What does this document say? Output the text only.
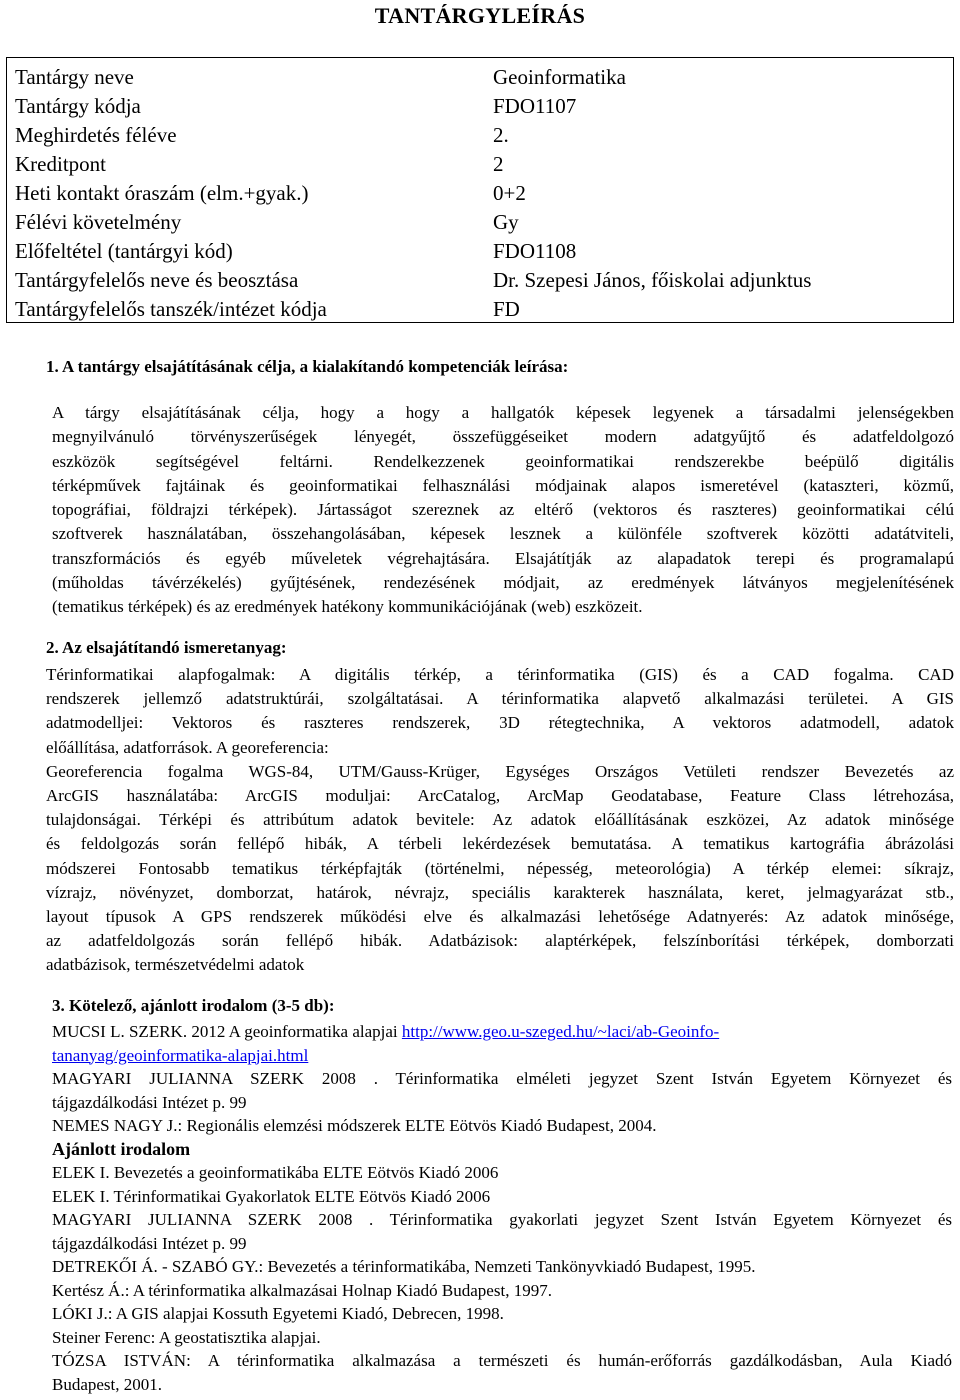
TANTÁRGYLEÍRÁS
Tantárgy neve	Geoinformatika
Tantárgy kódja	FDO1107
Meghirdetés féléve	2.
Kreditpont	2
Heti kontakt óraszám (elm.+gyak.)	0+2
Félévi követelmény	Gy
Előfeltétel (tantárgyi kód)	FDO1108
Tantárgyfelelős neve és beosztása	Dr. Szepesi János, főiskolai adjunktus
Tantárgyfelelős tanszék/intézet kódja	FD
1. A tantárgy elsajátításának célja, a kialakítandó kompetenciák leírása:
A tárgy elsajátításának célja, hogy a hogy a hallgatók képesek legyenek a társadalmi jelenségekben
megnyilvánuló törvényszerűségek lényegét, összefüggéseiket modern adatgyűjtő és adatfeldolgozó
eszközök segítségével feltárni. Rendelkezzenek geoinformatikai rendszerekbe beépülő digitális
térképművek fajtáinak és geoinformatikai felhasználási módjainak alapos ismeretével (kataszteri, közmű,
topográfiai, földrajzi térképek). Jártasságot szereznek az eltérő (vektoros és raszteres) geoinformatikai célú
szoftverek használatában, összehangolásában, képesek lesznek a különféle szoftverek közötti adatátviteli,
transzformációs és egyéb műveletek végrehajtására. Elsajátítják az alapadatok terepi és programalapú
(műholdas távérzékelés) gyűjtésének, rendezésének módjait, az eredmények látványos megjelenítésének
(tematikus térképek) és az eredmények hatékony kommunikációjának (web) eszközeit.
2. Az elsajátítandó ismeretanyag:
Térinformatikai alapfogalmak: A digitális térkép, a térinformatika (GIS) és a CAD fogalma. CAD
rendszerek jellemző adatstruktúrái, szolgáltatásai. A térinformatika alapvető alkalmazási területei. A GIS
adatmodelljei: Vektoros és raszteres rendszerek, 3D rétegtechnika, A vektoros adatmodell, adatok
előállítása, adatforrások. A georeferencia:
Georeferencia fogalma WGS-84, UTM/Gauss-Krüger, Egységes Országos Vetületi rendszer Bevezetés az
ArcGIS használatába: ArcGIS moduljai: ArcCatalog, ArcMap Geodatabase, Feature Class létrehozása,
tulajdonságai. Térképi és attribútum adatok bevitele: Az adatok előállításának eszközei, Az adatok minősége
és feldolgozás során fellépő hibák, A térbeli lekérdezések bemutatása. A tematikus kartográfia ábrázolási
módszerei Fontosabb tematikus térképfajták (történelmi, népesség, meteorológia) A térkép elemei: síkrajz,
vízrajz, növényzet, domborzat, határok, névrajz, speciális karakterek használata, keret, jelmagyarázat stb.,
layout típusok A GPS rendszerek működési elve és alkalmazási lehetősége Adatnyerés: Az adatok minősége,
az adatfeldolgozás során fellépő hibák. Adatbázisok: alaptérképek, felszínborítási térképek, domborzati
adatbázisok, természetvédelmi adatok
3. Kötelező, ajánlott irodalom (3-5 db):
MUCSI L. SZERK. 2012 A geoinformatika alapjai http://www.geo.u-szeged.hu/~laci/ab-Geoinfo-
tananyag/geoinformatika-alapjai.html
MAGYARI JULIANNA SZERK 2008 . Térinformatika elméleti jegyzet Szent István Egyetem Környezet és
tájgazdálkodási Intézet p. 99
NEMES NAGY J.: Regionális elemzési módszerek ELTE Eötvös Kiadó Budapest, 2004.
Ajánlott irodalom
ELEK I. Bevezetés a geoinformatikába ELTE Eötvös Kiadó 2006
ELEK I. Térinformatikai Gyakorlatok ELTE Eötvös Kiadó 2006
MAGYARI JULIANNA SZERK 2008 . Térinformatika gyakorlati jegyzet Szent István Egyetem Környezet és
tájgazdálkodási Intézet p. 99
DETREKŐI Á. - SZABÓ GY.: Bevezetés a térinformatikába, Nemzeti Tankönyvkiadó Budapest, 1995.
Kertész Á.: A térinformatika alkalmazásai Holnap Kiadó Budapest, 1997.
LÓKI J.: A GIS alapjai Kossuth Egyetemi Kiadó, Debrecen, 1998.
Steiner Ferenc: A geostatisztika alapjai.
TÓZSA ISTVÁN: A térinformatika alkalmazása a természeti és humán-erőforrás gazdálkodásban, Aula Kiadó
Budapest, 2001.
